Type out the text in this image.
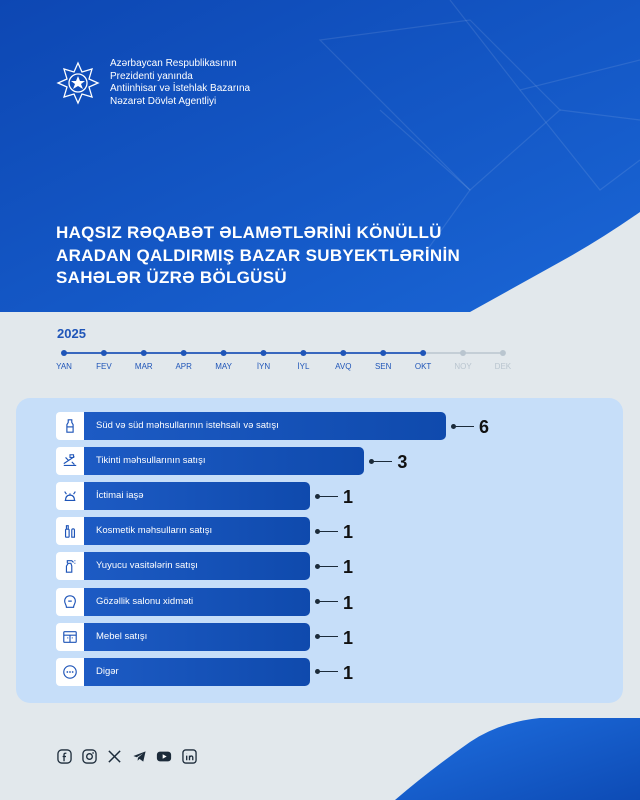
Azərbaycan Respublikasının
Prezidenti yanında
Antiinhisar və İstehlak Bazarına
Nəzarət Dövlət Agentliyi
HAQSIZ RƏQABƏT ƏLAMƏTLƏRİNİ KÖNÜLLÜ
ARADAN QALDIRMIŞ BAZAR SUBYEKTLƏRİNİN
SAHƏLƏR ÜZRƏ BÖLGÜSÜ
2025
YAN	FEV	MAR	APR	MAY	İYN	İYL	AVQ	SEN	OKT	NOY	DEK
Süd və süd məhsullarının istehsalı və satışı	6
Tikinti məhsullarının satışı	3
İctimai iaşə	1
Kosmetik məhsulların satışı	1
Yuyucu vasitələrin satışı	1
Gözəllik salonu xidməti	1
Mebel satışı	1
Digər	1
